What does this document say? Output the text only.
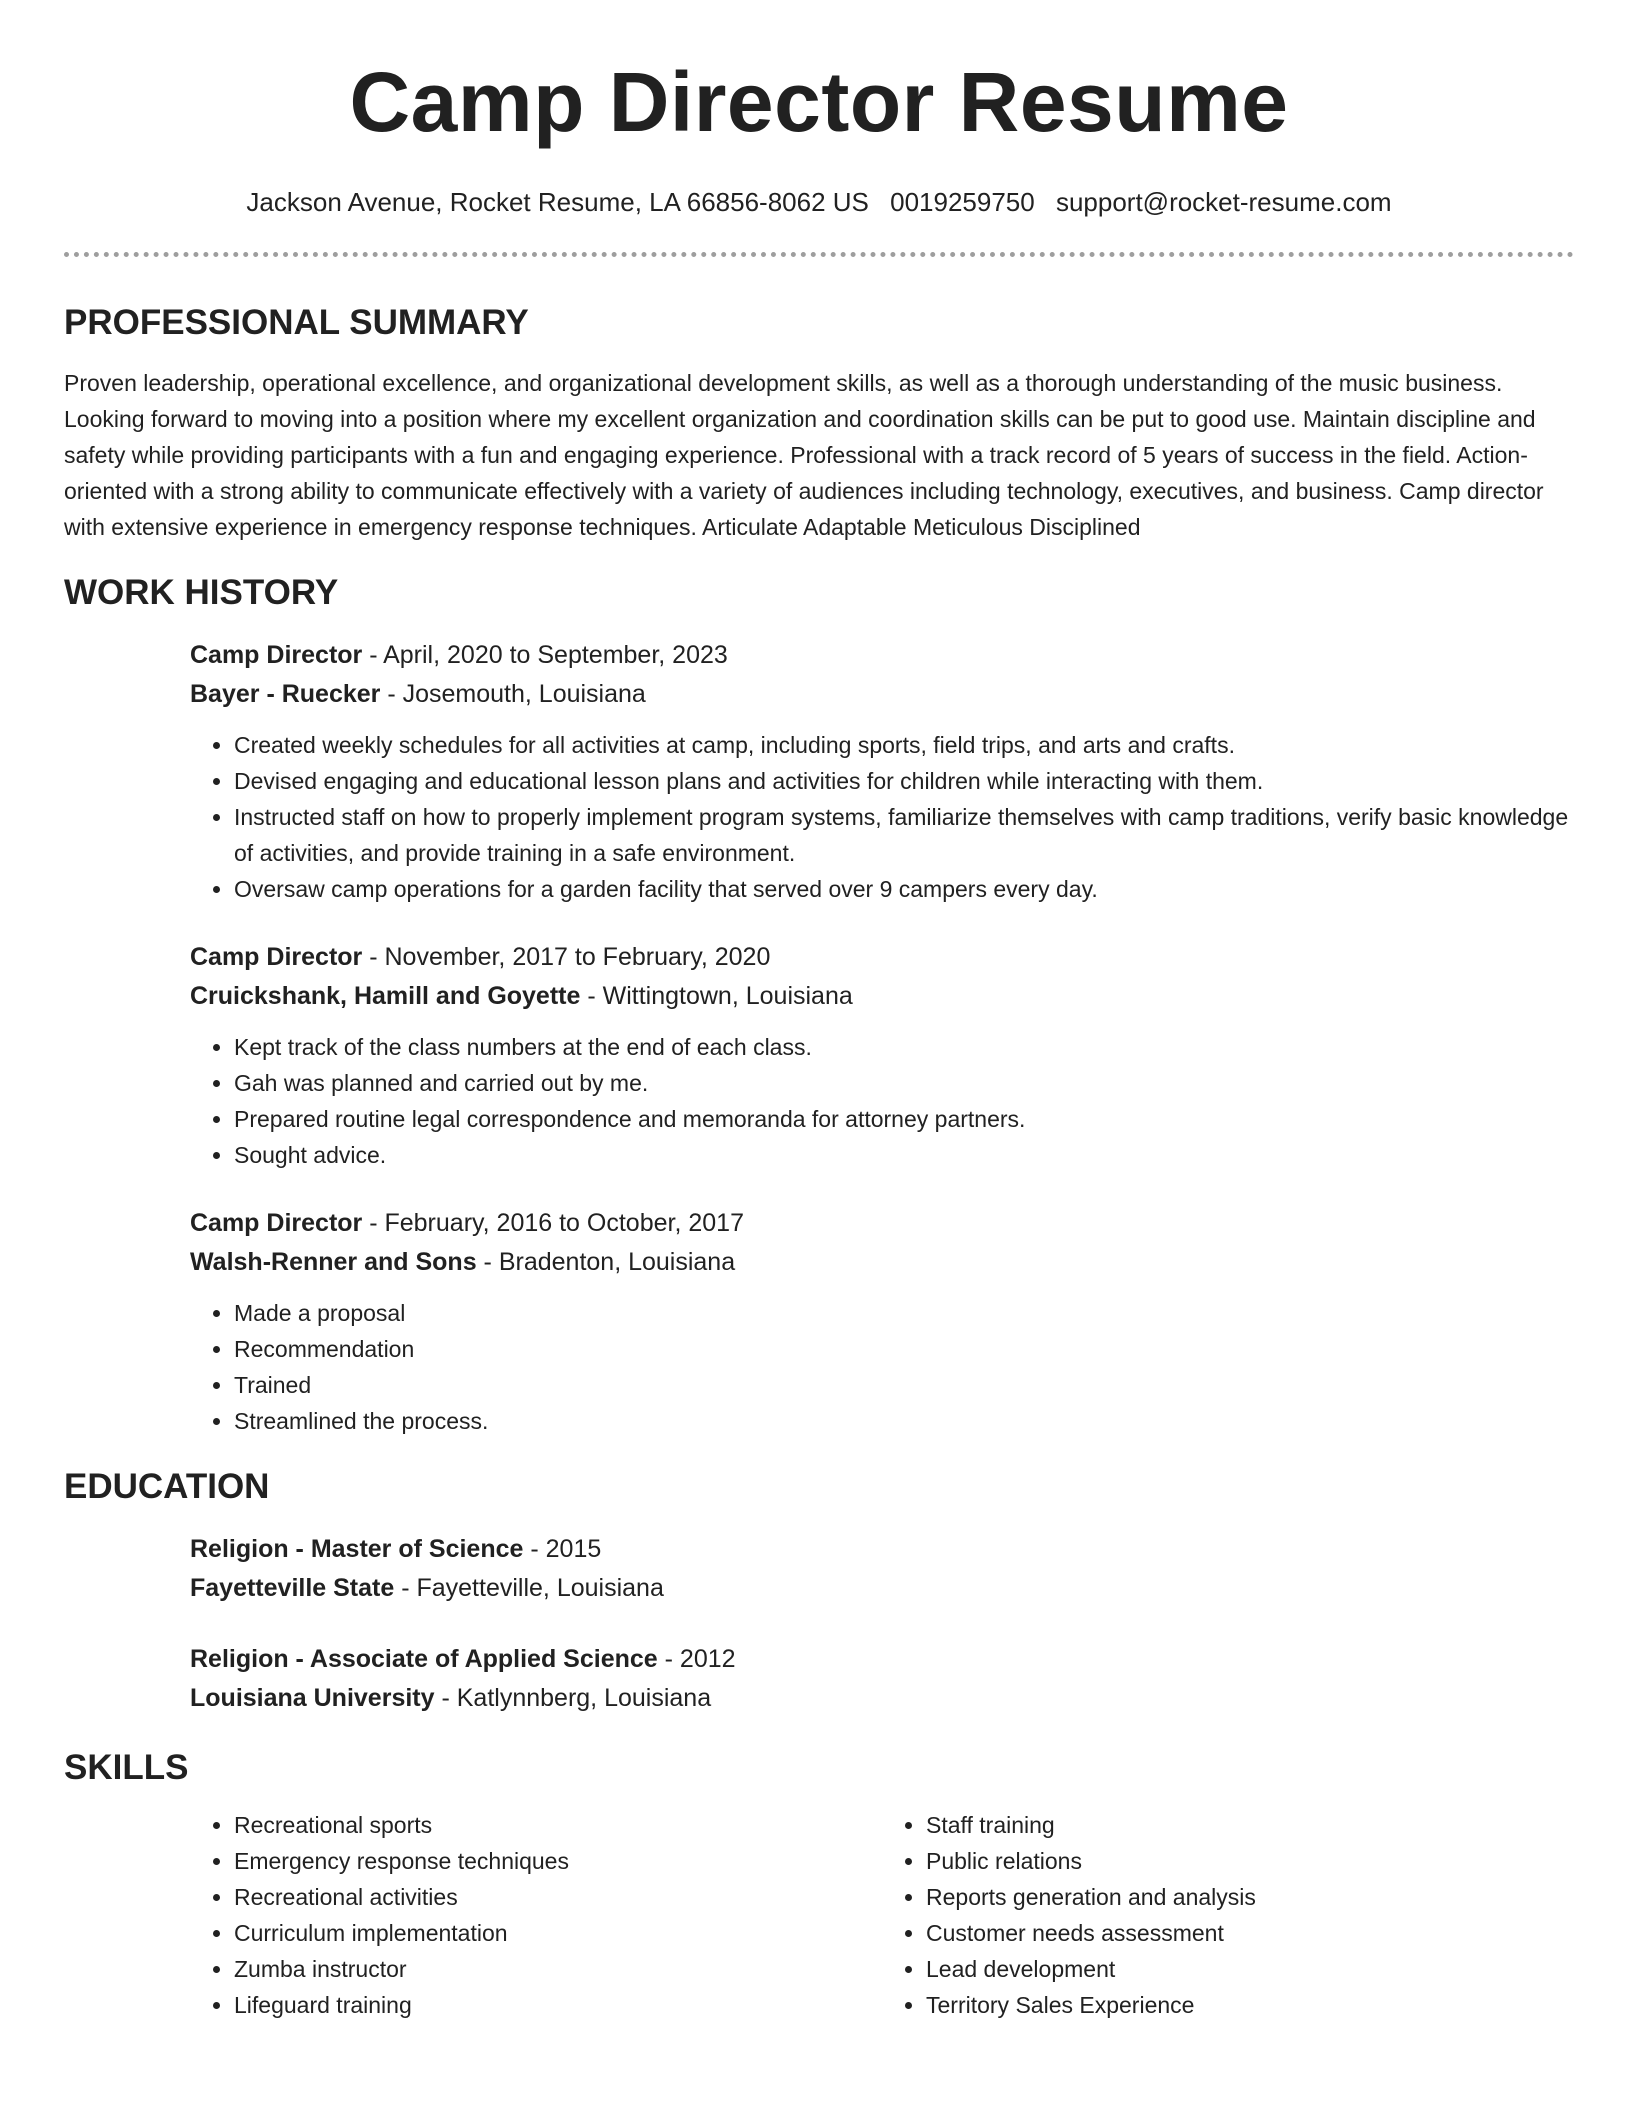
Camp Director Resume
Jackson Avenue, Rocket Resume, LA 66856-8062 US 0019259750 support@rocket-resume.com
PROFESSIONAL SUMMARY

Proven leadership, operational excellence, and organizational development skills, as well as a thorough understanding of the music business. Looking forward to moving into a position where my excellent organization and coordination skills can be put to good use. Maintain discipline and safety while providing participants with a fun and engaging experience. Professional with a track record of 5 years of success in the field. Action-oriented with a strong ability to communicate effectively with a variety of audiences including technology, executives, and business. Camp director with extensive experience in emergency response techniques. Articulate Adaptable Meticulous Disciplined

WORK HISTORY
Camp Director - April, 2020 to September, 2023
Bayer - Ruecker - Josemouth, Louisiana
• Created weekly schedules for all activities at camp, including sports, field trips, and arts and crafts.
• Devised engaging and educational lesson plans and activities for children while interacting with them.
• Instructed staff on how to properly implement program systems, familiarize themselves with camp traditions, verify basic knowledge of activities, and provide training in a safe environment.
• Oversaw camp operations for a garden facility that served over 9 campers every day.
Camp Director - November, 2017 to February, 2020
Cruickshank, Hamill and Goyette - Wittingtown, Louisiana
• Kept track of the class numbers at the end of each class.
• Gah was planned and carried out by me.
• Prepared routine legal correspondence and memoranda for attorney partners.
• Sought advice.
Camp Director - February, 2016 to October, 2017
Walsh-Renner and Sons - Bradenton, Louisiana
• Made a proposal
• Recommendation
• Trained
• Streamlined the process.
EDUCATION
Religion - Master of Science - 2015
Fayetteville State - Fayetteville, Louisiana
Religion - Associate of Applied Science - 2012
Louisiana University - Katlynnberg, Louisiana
SKILLS
• Recreational sports
• Emergency response techniques
• Recreational activities
• Curriculum implementation
• Zumba instructor
• Lifeguard training
• Staff training
• Public relations
• Reports generation and analysis
• Customer needs assessment
• Lead development
• Territory Sales Experience
